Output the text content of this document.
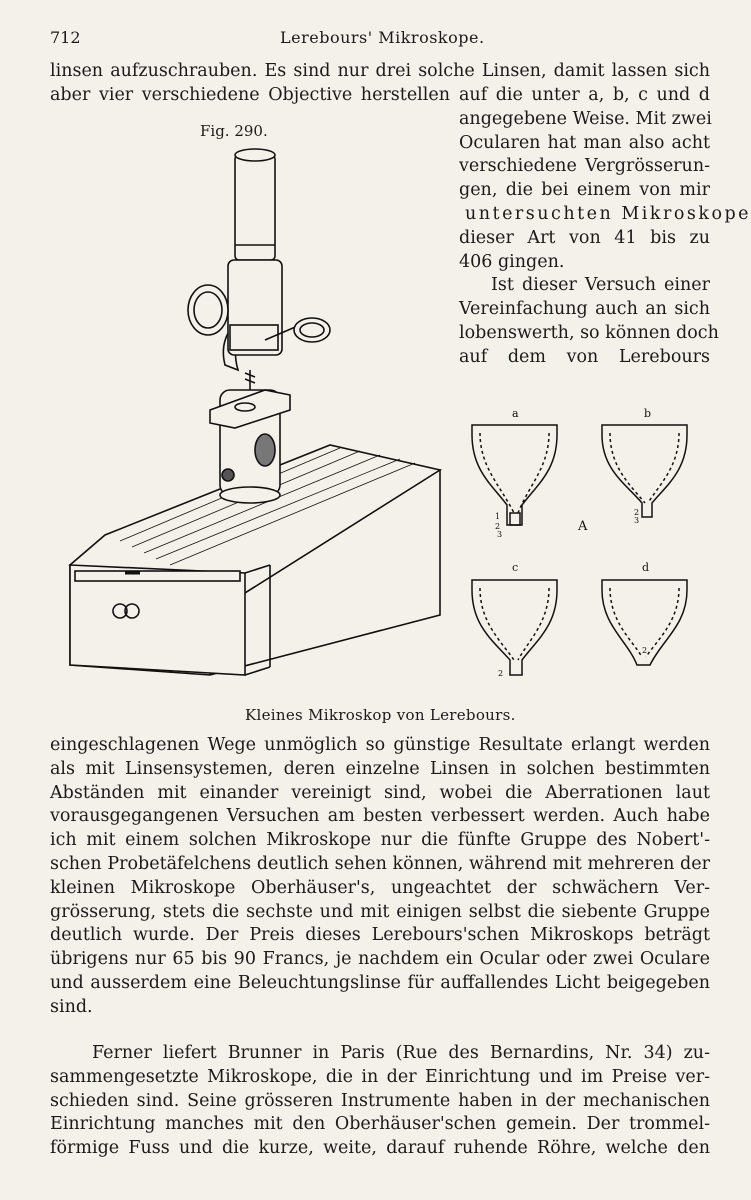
712	Lerebours' Mikroskope.
linsen aufzuschrauben. Es sind nur drei solche Linsen, damit lassen sich
aber vier verschiedene Objective herstellen auf die unter a, b, c und d
angegebene Weise. Mit zwei
Ocularen hat man also acht
verschiedene Vergrösserun-
gen, die bei einem von mir
untersuchten Mikroskope
dieser Art von 41 bis zu
406 gingen.
Ist dieser Versuch einer
Vereinfachung auch an sich
lobenswerth, so können doch
auf dem von Lerebours
Fig. 290.
a	b
c	d
A
1
2
3
2
3
2
2
Kleines Mikroskop von Lerebours.
eingeschlagenen Wege unmöglich so günstige Resultate erlangt werden
als mit Linsensystemen, deren einzelne Linsen in solchen bestimmten
Abständen mit einander vereinigt sind, wobei die Aberrationen laut
vorausgegangenen Versuchen am besten verbessert werden. Auch habe
ich mit einem solchen Mikroskope nur die fünfte Gruppe des Nobert'-
schen Probetäfelchens deutlich sehen können, während mit mehreren der
kleinen Mikroskope Oberhäuser's, ungeachtet der schwächern Ver-
grösserung, stets die sechste und mit einigen selbst die siebente Gruppe
deutlich wurde. Der Preis dieses Lerebours'schen Mikroskops beträgt
übrigens nur 65 bis 90 Francs, je nachdem ein Ocular oder zwei Oculare
und ausserdem eine Beleuchtungslinse für auffallendes Licht beigegeben
sind.
Ferner liefert Brunner in Paris (Rue des Bernardins, Nr. 34) zu-
sammengesetzte Mikroskope, die in der Einrichtung und im Preise ver-
schieden sind. Seine grösseren Instrumente haben in der mechanischen
Einrichtung manches mit den Oberhäuser'schen gemein. Der trommel-
förmige Fuss und die kurze, weite, darauf ruhende Röhre, welche den
